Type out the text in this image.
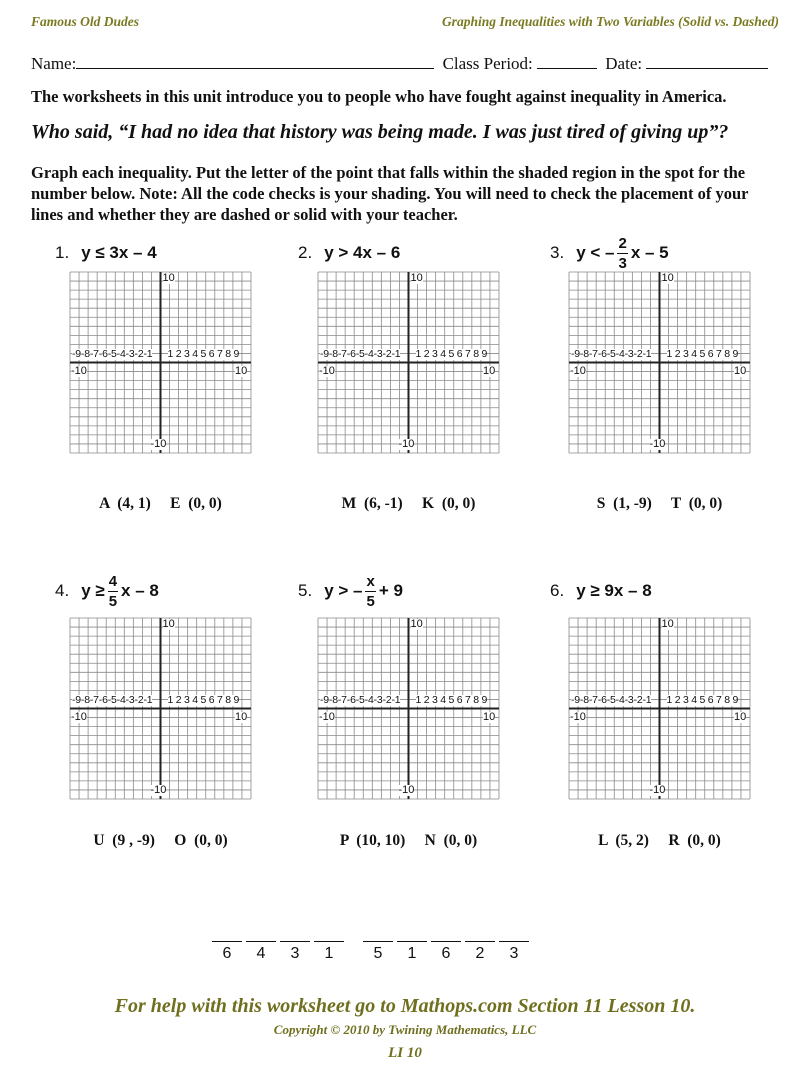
Famous Old Dudes	Graphing Inequalities with Two Variables (Solid vs. Dashed)
Name:	Class Period:	Date:
The worksheets in this unit introduce you to people who have fought against inequality in America.
Who said, “I had no idea that history was being made. I was just tired of giving up”?
Graph each inequality. Put the letter of the point that falls within the shaded region in the spot for the number below. Note: All the code checks is your shading. You will need to check the placement of your lines and whether they are dashed or solid with your teacher.
1. y ≤ 3x – 4
-9-8-7-6-5-4-3-2-1 1 2 3 4 5 6 7 8 9
-10	10
10
-10
A  (4, 1)     E  (0, 0)
2. y > 4x – 6
-9-8-7-6-5-4-3-2-1 1 2 3 4 5 6 7 8 9
-10	10
10
-10
M  (6, -1)     K  (0, 0)
3. y < – $\frac{2}{3}$ x – 5
-9-8-7-6-5-4-3-2-1 1 2 3 4 5 6 7 8 9
-10	10
10
-10
S  (1, -9)     T  (0, 0)
4. $y \ge \frac{4}{5}$ x – 8
-9-8-7-6-5-4-3-2-1 1 2 3 4 5 6 7 8 9
-10	10
10
-10
U  (9 , -9)     O  (0, 0)
5. y > – $\frac{x}{5} + 9$
-9-8-7-6-5-4-3-2-1 1 2 3 4 5 6 7 8 9
-10	10
10
-10
P  (10, 10)     N  (0, 0)
6. y ≥ 9x – 8
-9-8-7-6-5-4-3-2-1 1 2 3 4 5 6 7 8 9
-10	10
10
-10
L  (5, 2)     R  (0, 0)
6	4	3	1	5	1	6	2	3
For help with this worksheet go to Mathops.com Section 11 Lesson 10.
Copyright © 2010 by Twining Mathematics, LLC
LI 10
